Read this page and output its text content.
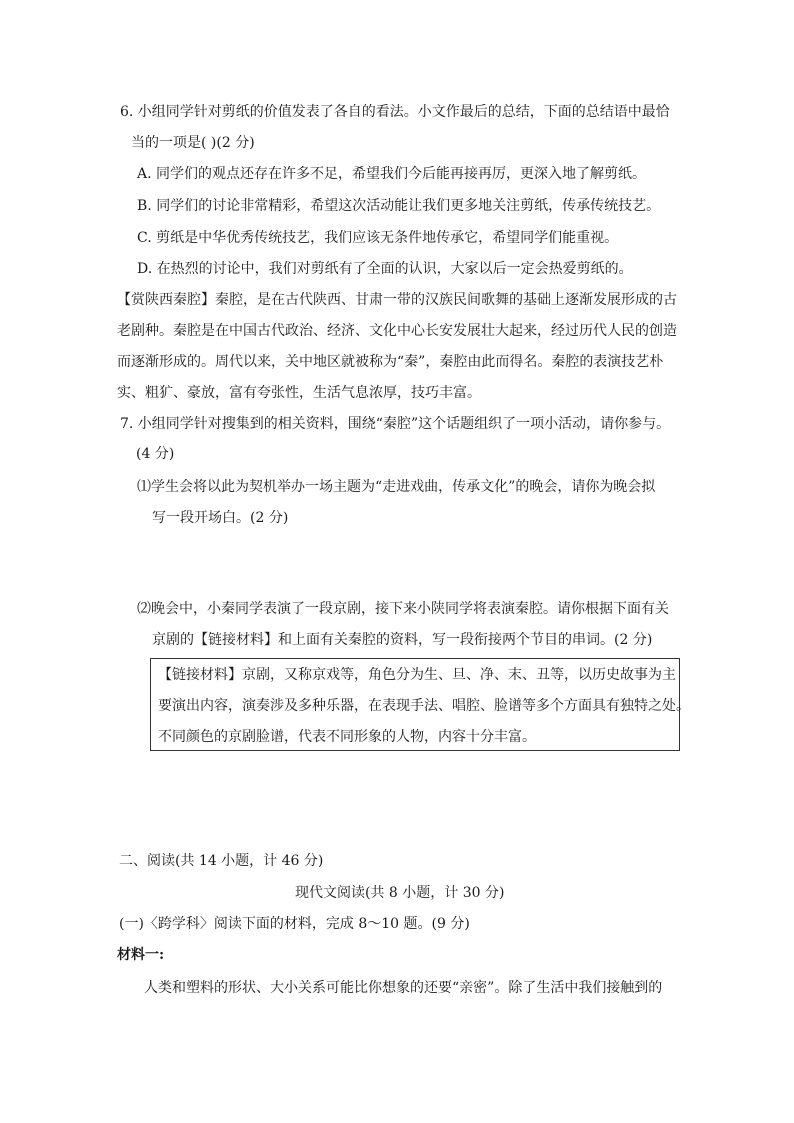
6. 小组同学针对剪纸的价值发表了各自的看法。小文作最后的总结，下面的总结语中最恰
当的一项是( )(2 分)
A. 同学们的观点还存在许多不足，希望我们今后能再接再厉，更深入地了解剪纸。
B. 同学们的讨论非常精彩，希望这次活动能让我们更多地关注剪纸，传承传统技艺。
C. 剪纸是中华优秀传统技艺，我们应该无条件地传承它，希望同学们能重视。
D. 在热烈的讨论中，我们对剪纸有了全面的认识，大家以后一定会热爱剪纸的。
【赏陕西秦腔】秦腔，是在古代陕西、甘肃一带的汉族民间歌舞的基础上逐渐发展形成的古
老剧种。秦腔是在中国古代政治、经济、文化中心长安发展壮大起来，经过历代人民的创造
而逐渐形成的。周代以来，关中地区就被称为“秦”，秦腔由此而得名。秦腔的表演技艺朴
实、粗犷、豪放，富有夸张性，生活气息浓厚，技巧丰富。
7. 小组同学针对搜集到的相关资料，围绕“秦腔”这个话题组织了一项小活动，请你参与。
(4 分)
⑴学生会将以此为契机举办一场主题为“走进戏曲，传承文化”的晚会，请你为晚会拟
写一段开场白。(2 分)
⑵晚会中，小秦同学表演了一段京剧，接下来小陕同学将表演秦腔。请你根据下面有关
京剧的【链接材料】和上面有关秦腔的资料，写一段衔接两个节目的串词。(2 分)
【链接材料】京剧，又称京戏等，角色分为生、旦、净、末、丑等，以历史故事为主
要演出内容，演奏涉及多种乐器，在表现手法、唱腔、脸谱等多个方面具有独特之处。
不同颜色的京剧脸谱，代表不同形象的人物，内容十分丰富。
二、阅读(共 14 小题，计 46 分)
现代文阅读(共 8 小题，计 30 分)
(一)〈跨学科〉阅读下面的材料，完成 8～10 题。(9 分)
材料一:
人类和塑料的形状、大小关系可能比你想象的还要“亲密”。除了生活中我们接触到的
